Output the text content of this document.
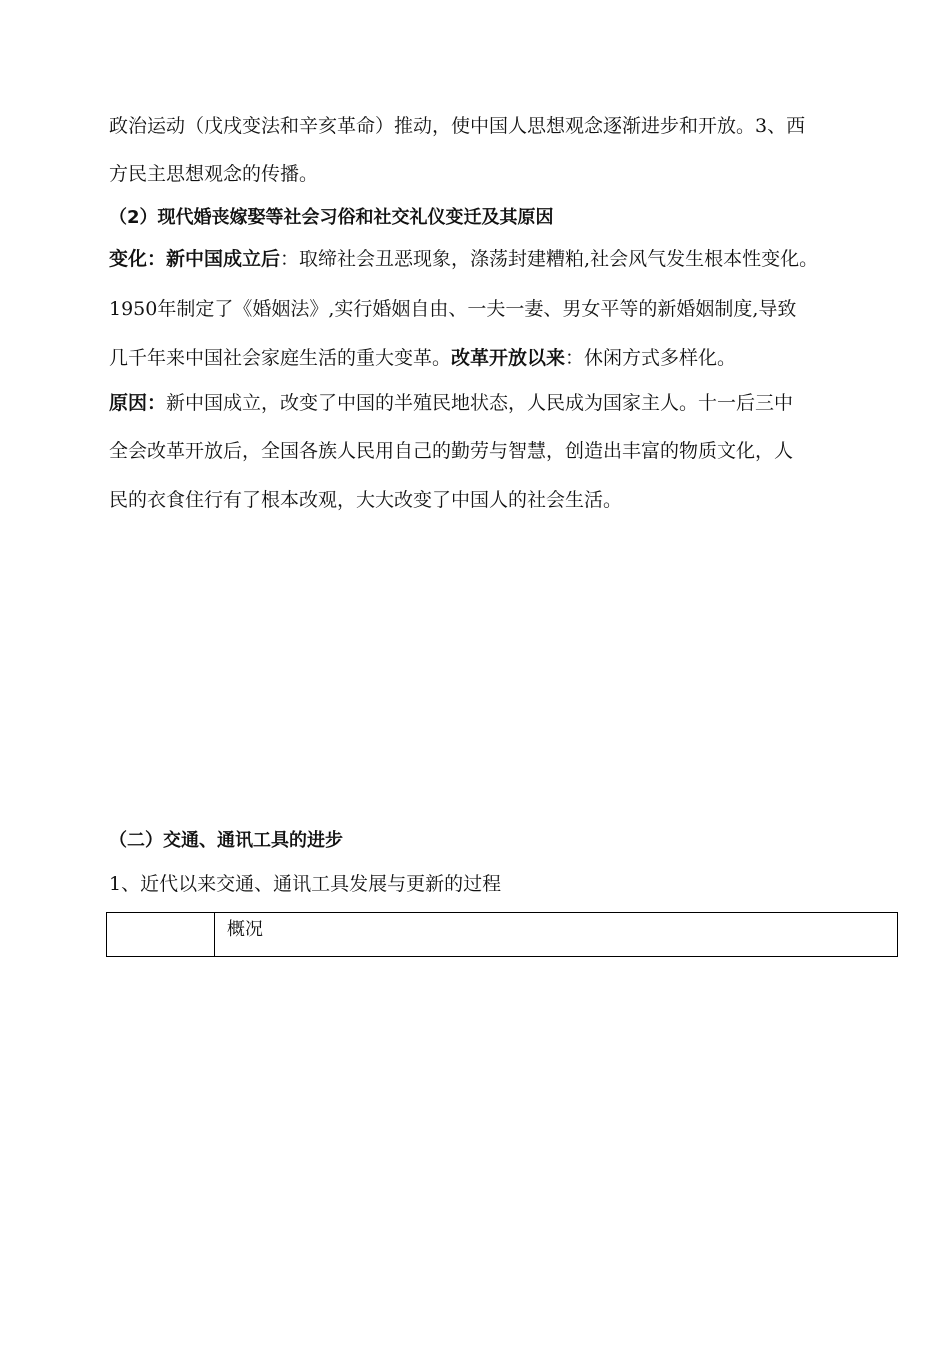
政治运动（戊戌变法和辛亥革命）推动，使中国人思想观念逐渐进步和开放。3、西
方民主思想观念的传播。
（2）现代婚丧嫁娶等社会习俗和社交礼仪变迁及其原因
变化：新中国成立后：取缔社会丑恶现象，涤荡封建糟粕,社会风气发生根本性变化。
1950年制定了《婚姻法》,实行婚姻自由、一夫一妻、男女平等的新婚姻制度,导致
几千年来中国社会家庭生活的重大变革。改革开放以来：休闲方式多样化。
原因：新中国成立，改变了中国的半殖民地状态，人民成为国家主人。十一后三中
全会改革开放后，全国各族人民用自己的勤劳与智慧，创造出丰富的物质文化，人
民的衣食住行有了根本改观，大大改变了中国人的社会生活。
（二）交通、通讯工具的进步
1、近代以来交通、通讯工具发展与更新的过程
概况
